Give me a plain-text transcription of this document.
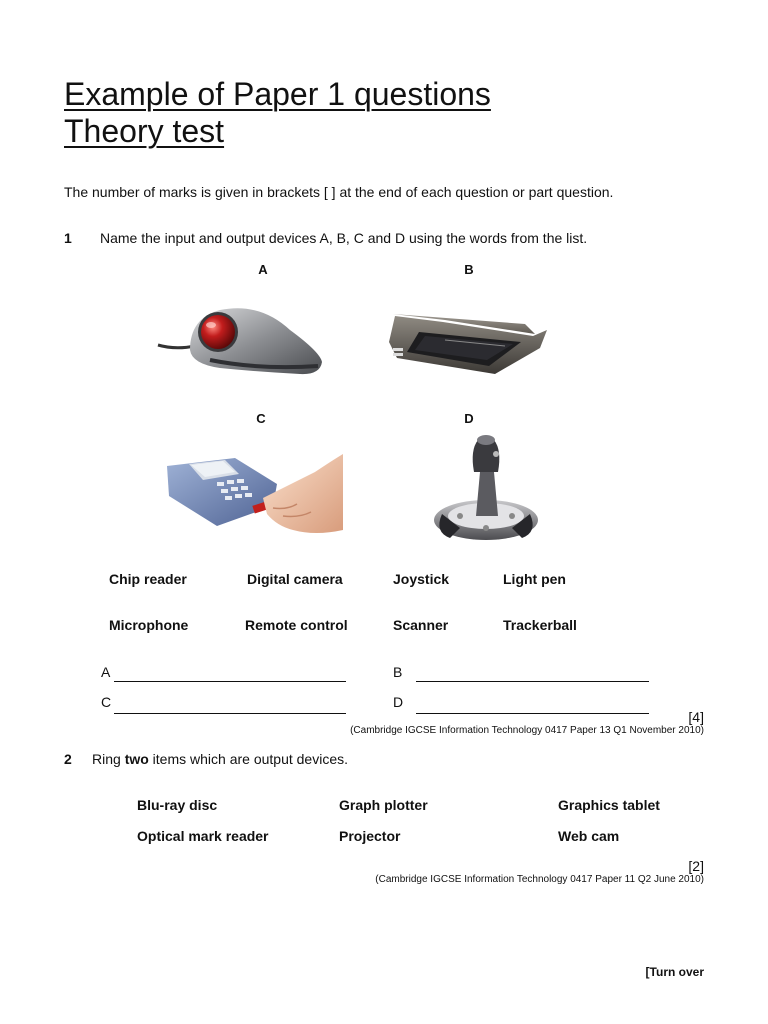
Example of Paper 1 questions
Theory test
The number of marks is given in brackets [ ] at the end of each question or part question.
1 Name the input and output devices A, B, C and D using the words from the list.
A	B
C	D
Chip reader	Digital camera	Joystick	Light pen
Microphone	Remote control	Scanner	Trackerball
A	B
C	D
[4]
(Cambridge IGCSE Information Technology 0417 Paper 13 Q1 November 2010)
2 Ring two items which are output devices.
Blu-ray disc	Graph plotter	Graphics tablet
Optical mark reader	Projector	Web cam
[2]
(Cambridge IGCSE Information Technology 0417 Paper 11 Q2 June 2010)
[Turn over
